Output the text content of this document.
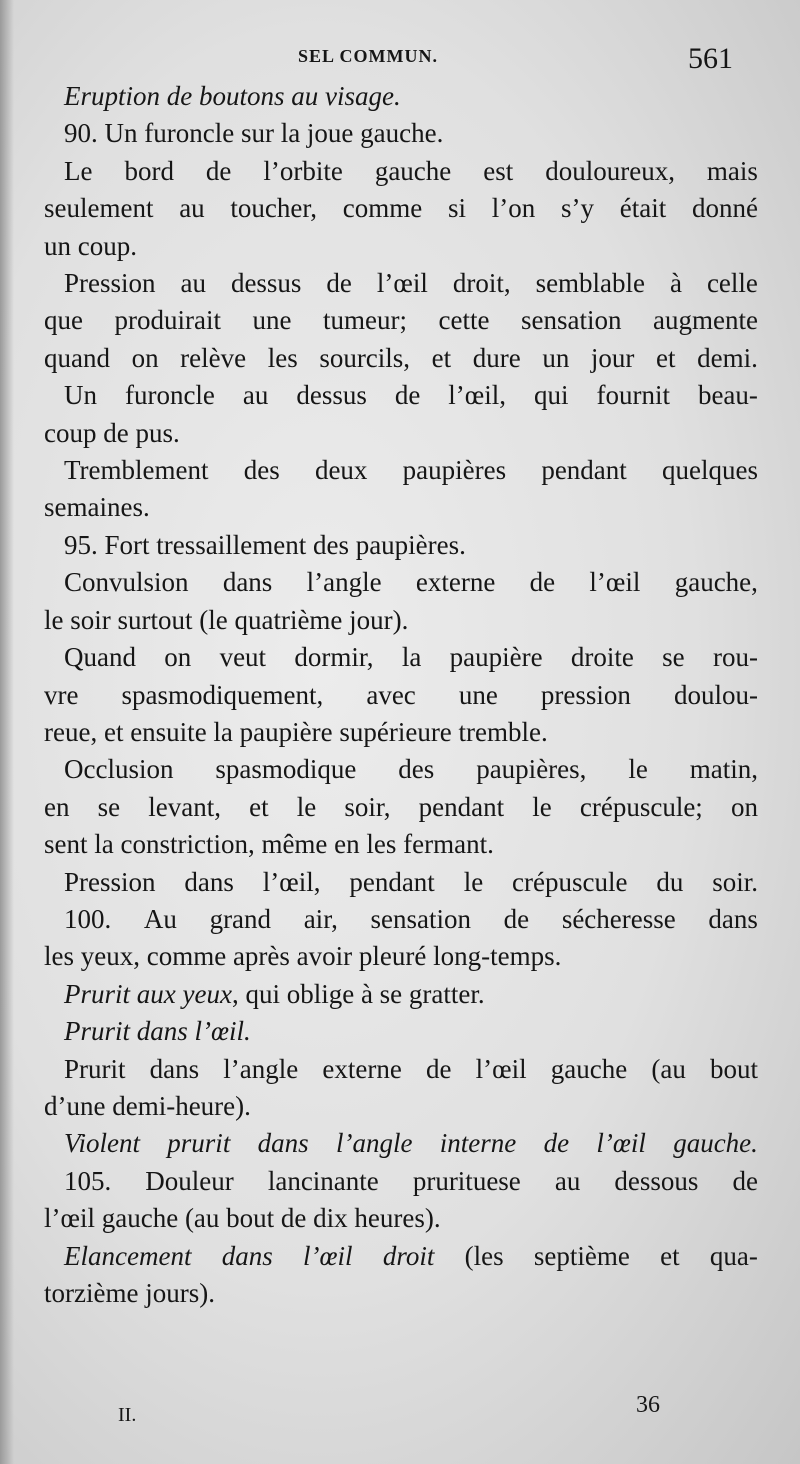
SEL COMMUN.	561
Eruption de boutons au visage.
90. Un furoncle sur la joue gauche.
Le bord de l’orbite gauche est douloureux, mais
seulement au toucher, comme si l’on s’y était donné
un coup.
Pression au dessus de l’œil droit, semblable à celle
que produirait une tumeur; cette sensation augmente
quand on relève les sourcils, et dure un jour et demi.
Un furoncle au dessus de l’œil, qui fournit beau-
coup de pus.
Tremblement des deux paupières pendant quelques
semaines.
95. Fort tressaillement des paupières.
Convulsion dans l’angle externe de l’œil gauche,
le soir surtout (le quatrième jour).
Quand on veut dormir, la paupière droite se rou-
vre spasmodiquement, avec une pression doulou-
reue, et ensuite la paupière supérieure tremble.
Occlusion spasmodique des paupières, le matin,
en se levant, et le soir, pendant le crépuscule; on
sent la constriction, même en les fermant.
Pression dans l’œil, pendant le crépuscule du soir.
100. Au grand air, sensation de sécheresse dans
les yeux, comme après avoir pleuré long-temps.
Prurit aux yeux , qui oblige à se gratter.
Prurit dans l’œil.
Prurit dans l’angle externe de l’œil gauche (au bout
d’une demi-heure).
Violent prurit dans l’angle interne de l’œil gauche.
105. Douleur lancinante prurituese au dessous de
l’œil gauche (au bout de dix heures).
Elancement dans l’œil droit (les septième et qua-
torzième jours).
II.	36
